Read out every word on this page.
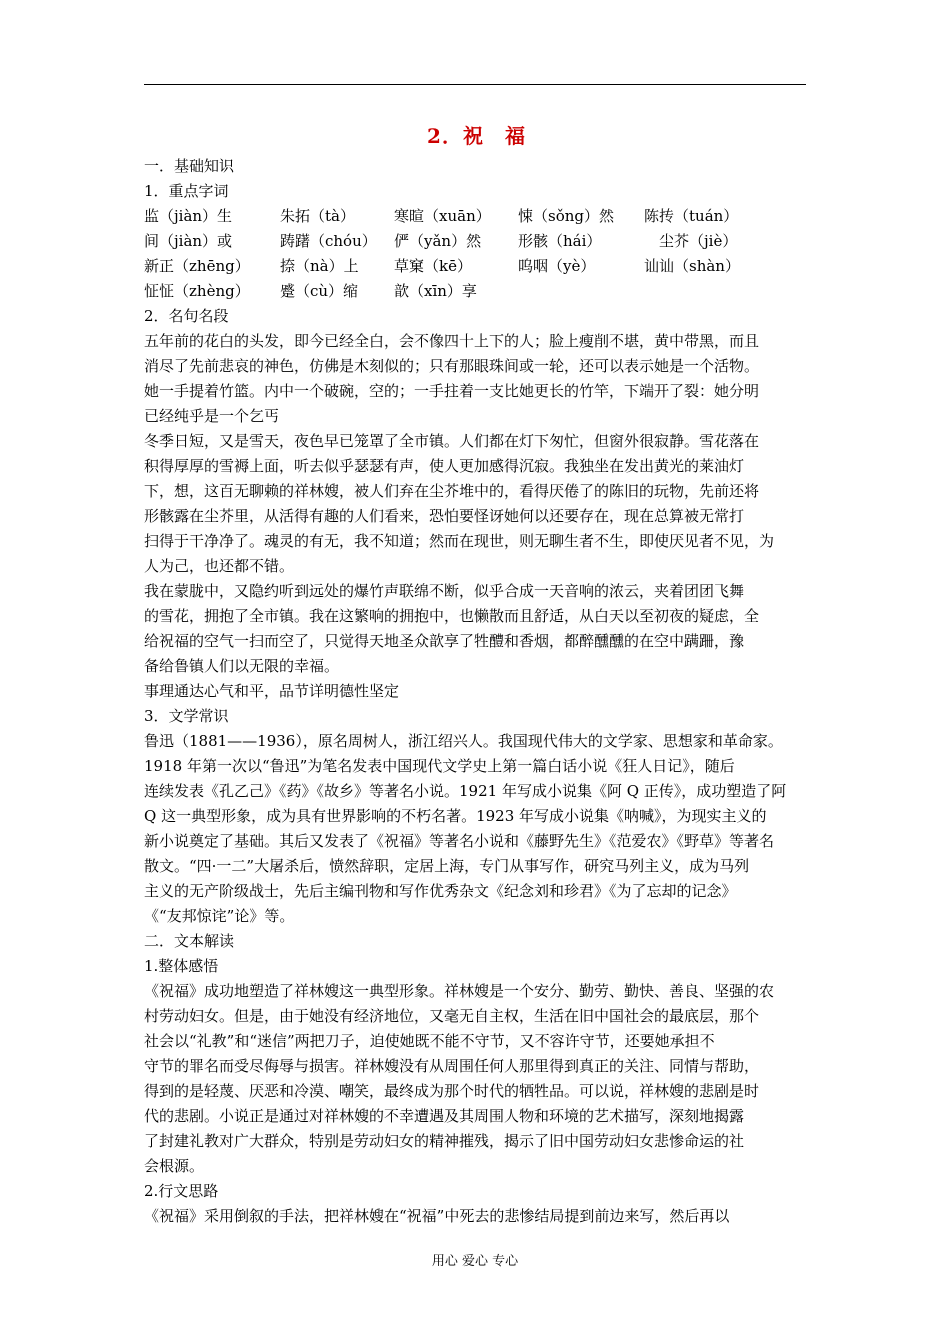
2．祝　福
一．基础知识
1．重点字词
监（jiàn）生	朱拓（tà）	寒暄（xuān）	悚（sǒng）然	陈抟（tuán）
间（jiàn）或	踌躇（chóu）	俨（yǎn）然	形骸（hái）	　尘芥（jiè）
新正（zhēng）	捺（nà）上	草窠（kē）	呜咽（yè）	讪讪（shàn）
怔怔（zhèng）	蹙（cù）缩	歆（xīn）享
2．名句名段
五年前的花白的头发，即今已经全白，会不像四十上下的人；脸上瘦削不堪，黄中带黑，而且
消尽了先前悲哀的神色，仿佛是木刻似的；只有那眼珠间或一轮，还可以表示她是一个活物。
她一手提着竹篮。内中一个破碗，空的；一手拄着一支比她更长的竹竿，下端开了裂：她分明
已经纯乎是一个乞丐
冬季日短，又是雪天，夜色早已笼罩了全市镇。人们都在灯下匆忙，但窗外很寂静。雪花落在
积得厚厚的雪褥上面，听去似乎瑟瑟有声，使人更加感得沉寂。我独坐在发出黄光的莱油灯
下，想，这百无聊赖的祥林嫂，被人们弃在尘芥堆中的，看得厌倦了的陈旧的玩物，先前还将
形骸露在尘芥里，从活得有趣的人们看来，恐怕要怪讶她何以还要存在，现在总算被无常打
扫得于干净净了。魂灵的有无，我不知道；然而在现世，则无聊生者不生，即使厌见者不见，为
人为己，也还都不错。
我在蒙胧中，又隐约听到远处的爆竹声联绵不断，似乎合成一天音响的浓云，夹着团团飞舞
的雪花，拥抱了全市镇。我在这繁响的拥抱中，也懒散而且舒适，从白天以至初夜的疑虑，全
给祝福的空气一扫而空了，只觉得天地圣众歆享了牲醴和香烟，都醉醺醺的在空中蹒跚，豫
备给鲁镇人们以无限的幸福。
事理通达心气和平，品节详明德性坚定
3．文学常识
鲁迅（1881——1936），原名周树人，浙江绍兴人。我国现代伟大的文学家、思想家和革命家。
1918 年第一次以“鲁迅”为笔名发表中国现代文学史上第一篇白话小说《狂人日记》，随后
连续发表《孔乙己》《药》《故乡》等著名小说。1921 年写成小说集《阿 Q 正传》，成功塑造了阿
Q 这一典型形象，成为具有世界影响的不朽名著。1923 年写成小说集《呐喊》，为现实主义的
新小说奠定了基础。其后又发表了《祝福》等著名小说和《藤野先生》《范爱农》《野草》等著名
散文。“四·一二”大屠杀后，愤然辞职，定居上海，专门从事写作，研究马列主义，成为马列
主义的无产阶级战士，先后主编刊物和写作优秀杂文《纪念刘和珍君》《为了忘却的记念》
《“友邦惊诧”论》等。
二．文本解读
1.整体感悟
《祝福》成功地塑造了祥林嫂这一典型形象。祥林嫂是一个安分、勤劳、勤快、善良、坚强的农
村劳动妇女。但是，由于她没有经济地位，又毫无自主权，生活在旧中国社会的最底层，那个
社会以“礼教”和“迷信”两把刀子，迫使她既不能不守节，又不容许守节，还要她承担不
守节的罪名而受尽侮辱与损害。祥林嫂没有从周围任何人那里得到真正的关注、同情与帮助，
得到的是轻蔑、厌恶和冷漠、嘲笑，最终成为那个时代的牺牲品。可以说，祥林嫂的悲剧是时
代的悲剧。小说正是通过对祥林嫂的不幸遭遇及其周围人物和环境的艺术描写，深刻地揭露
了封建礼教对广大群众，特别是劳动妇女的精神摧残，揭示了旧中国劳动妇女悲惨命运的社
会根源。
2.行文思路
《祝福》采用倒叙的手法，把祥林嫂在“祝福”中死去的悲惨结局提到前边来写，然后再以
用心 爱心 专心
